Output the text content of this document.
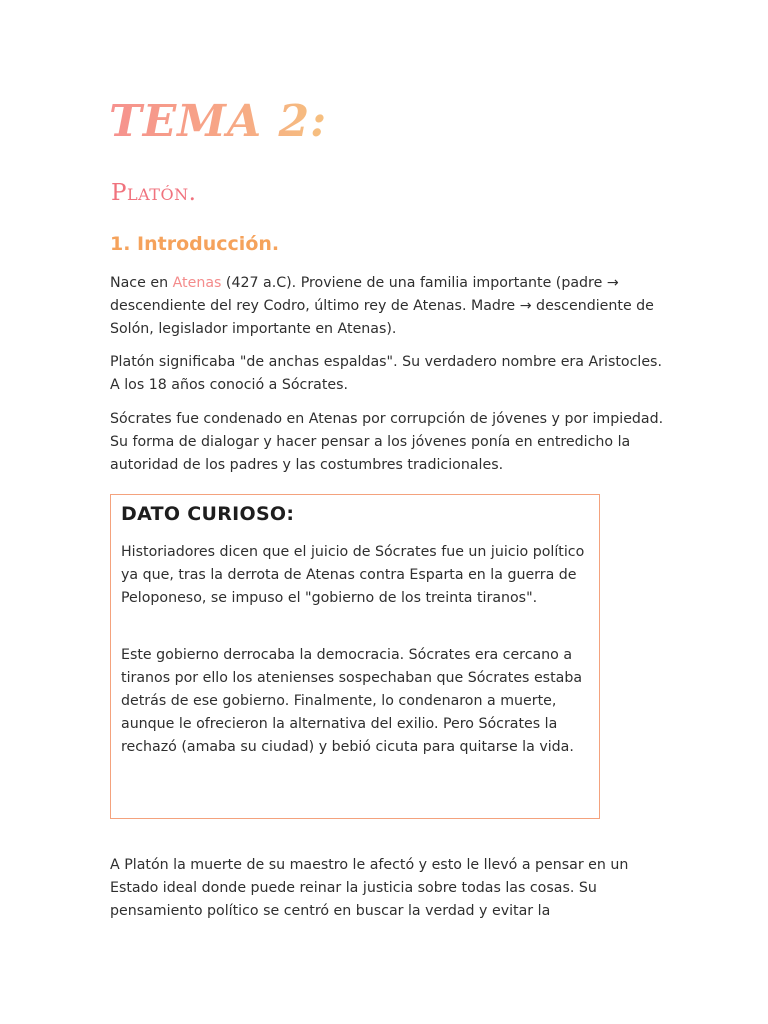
TEMA 2:
Platón.
1. Introducción.

Nace en Atenas (427 a.C). Proviene de una familia importante (padre → descendiente del rey Codro, último rey de Atenas. Madre → descendiente de Solón, legislador importante en Atenas).

Platón significaba "de anchas espaldas". Su verdadero nombre era Aristocles. A los 18 años conoció a Sócrates.

Sócrates fue condenado en Atenas por corrupción de jóvenes y por impiedad. Su forma de dialogar y hacer pensar a los jóvenes ponía en entredicho la autoridad de los padres y las costumbres tradicionales.

DATO CURIOSO:

Historiadores dicen que el juicio de Sócrates fue un juicio político ya que, tras la derrota de Atenas contra Esparta en la guerra de Peloponeso, se impuso el "gobierno de los treinta tiranos".

Este gobierno derrocaba la democracia. Sócrates era cercano a tiranos por ello los atenienses sospechaban que Sócrates estaba detrás de ese gobierno. Finalmente, lo condenaron a muerte, aunque le ofrecieron la alternativa del exilio. Pero Sócrates la rechazó (amaba su ciudad) y bebió cicuta para quitarse la vida.

A Platón la muerte de su maestro le afectó y esto le llevó a pensar en un Estado ideal donde puede reinar la justicia sobre todas las cosas. Su pensamiento político se centró en buscar la verdad y evitar la
